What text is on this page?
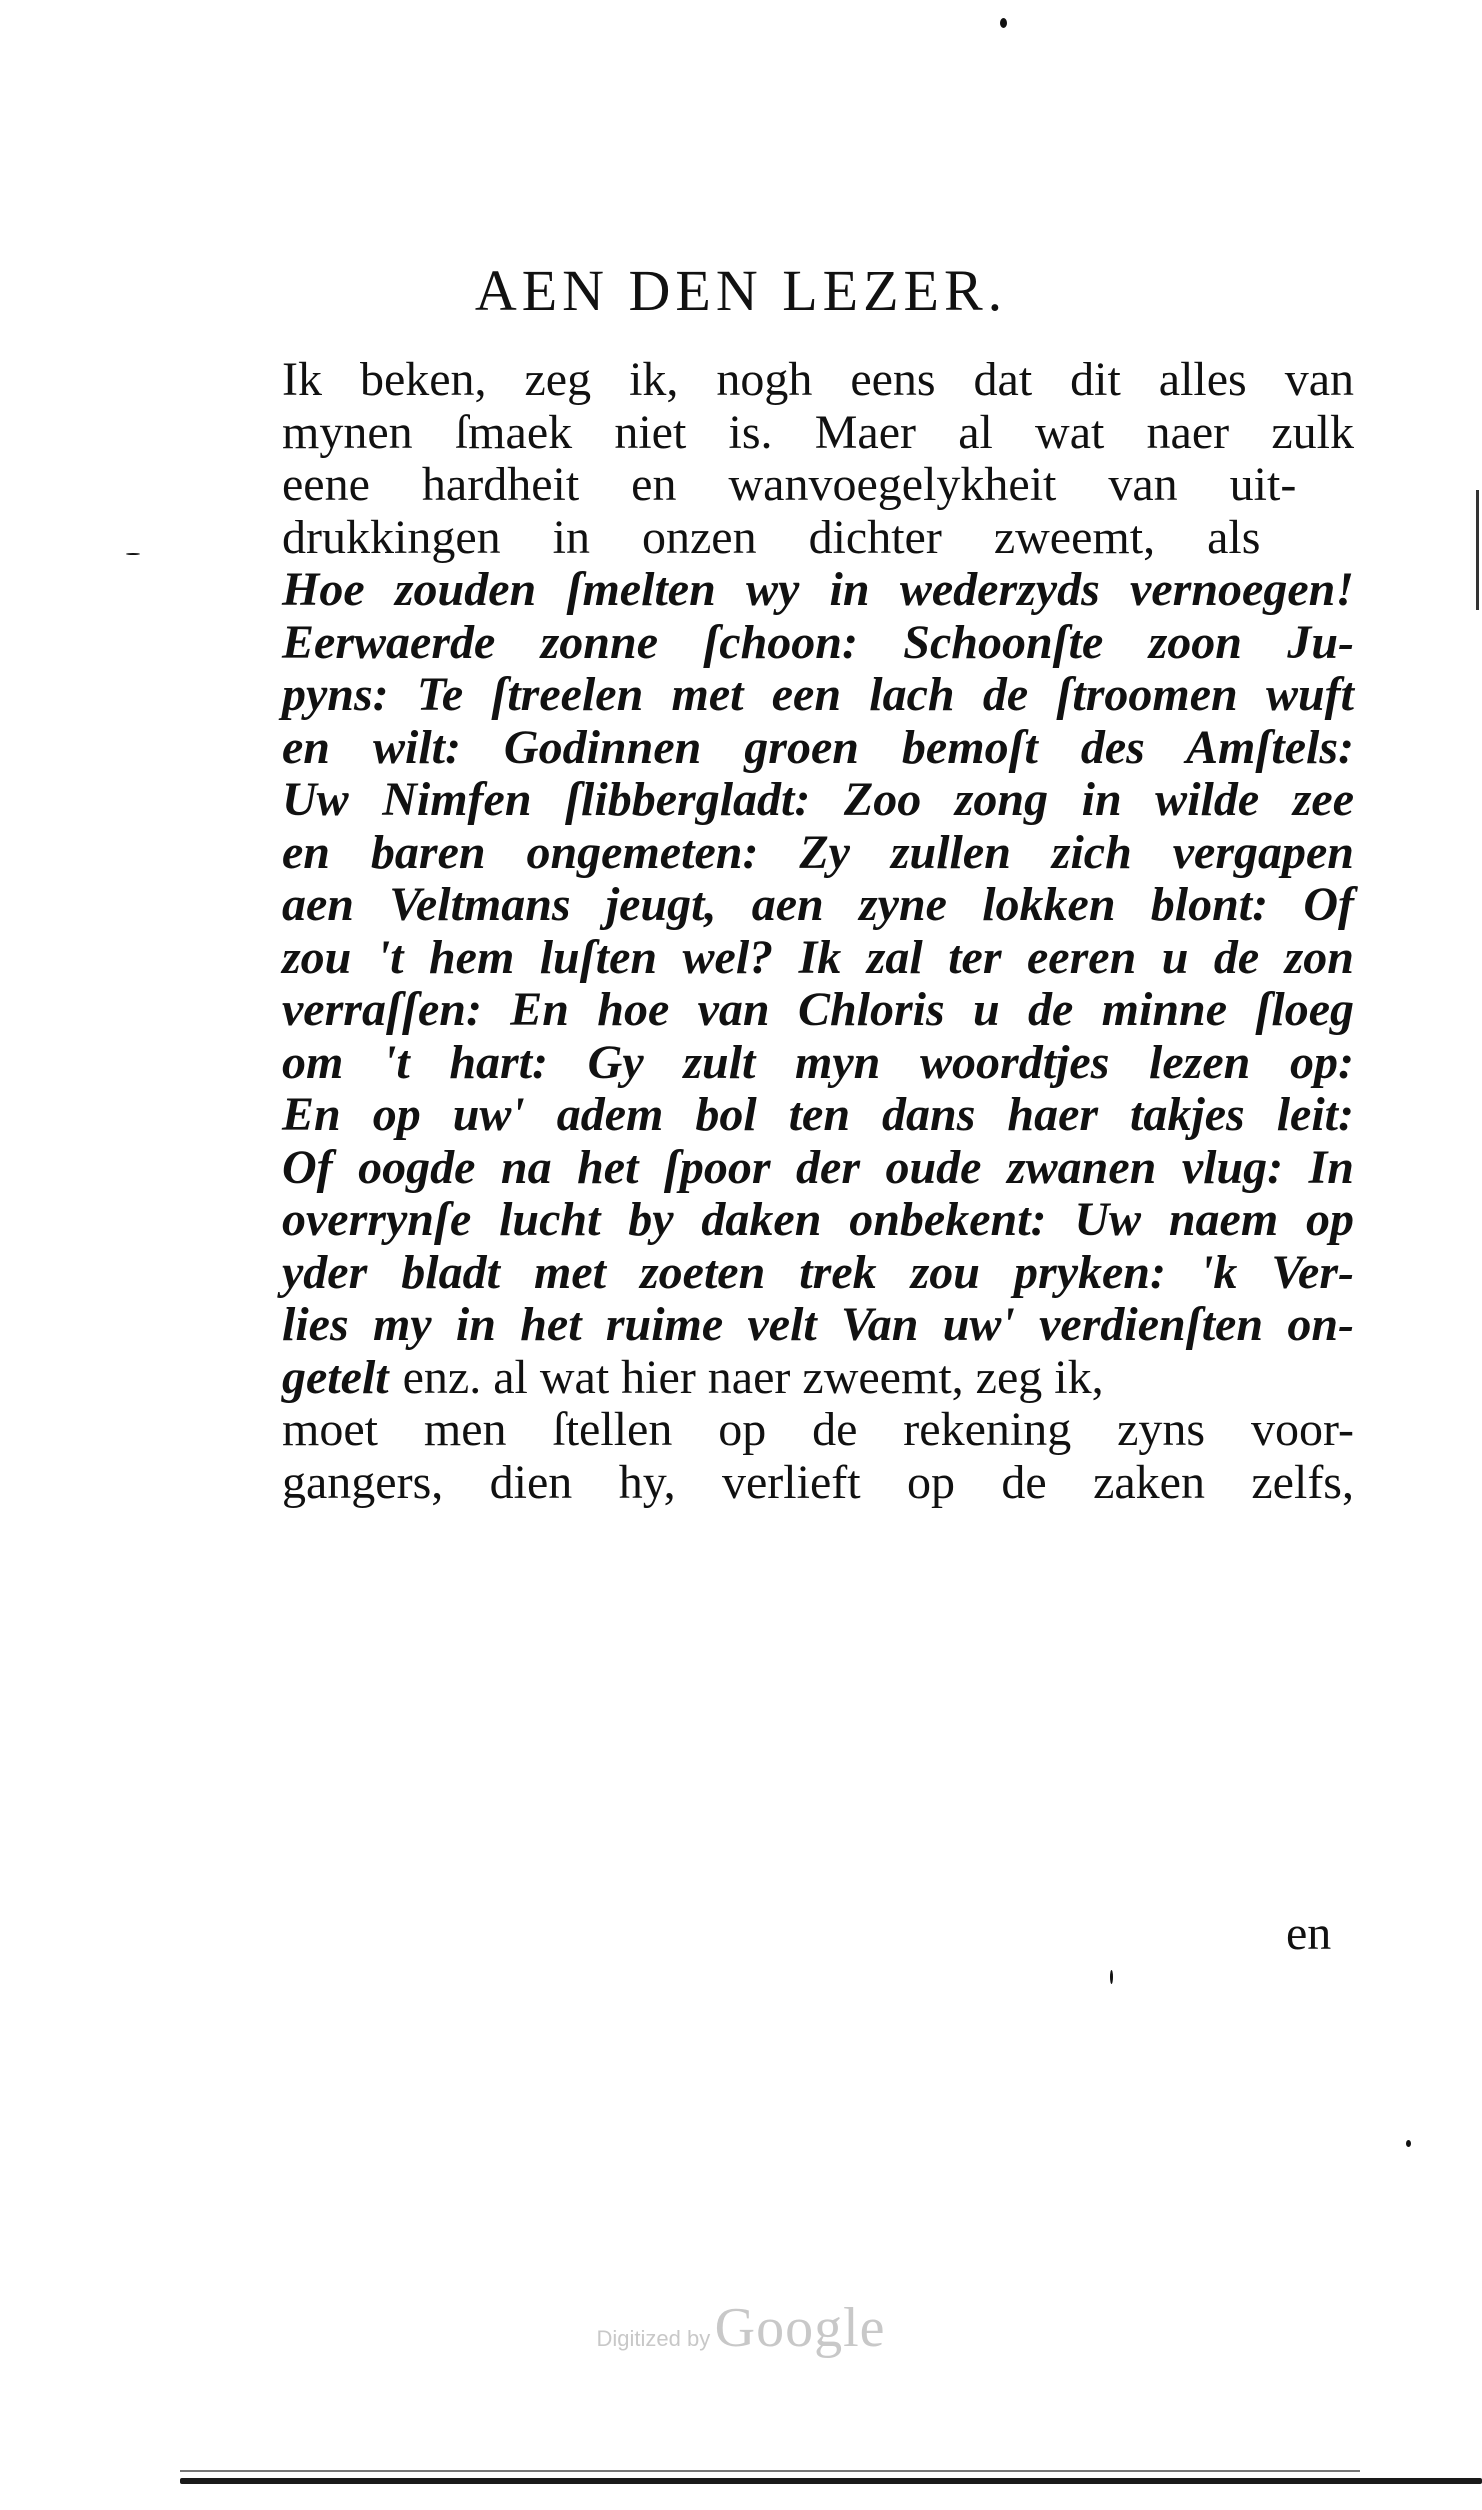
AEN DEN LEZER.
Ik beken, zeg ik, nogh eens dat dit alles van
mynen ſmaek niet is. Maer al wat naer zulk
eene hardheit en wanvoegelykheit van uit-
drukkingen in onzen dichter zweemt, als
Hoe zouden ſmelten wy in wederzyds vernoegen!
Eerwaerde zonne ſchoon: Schoonſte zoon Ju-
pyns: Te ſtreelen met een lach de ſtroomen wuft
en wilt: Godinnen groen bemoſt des Amſtels:
Uw Nimfen ſlibbergladt: Zoo zong in wilde zee
en baren ongemeten: Zy zullen zich vergapen
aen Veltmans jeugt, aen zyne lokken blont: Of
zou 't hem luſten wel? Ik zal ter eeren u de zon
verraſſen: En hoe van Chloris u de minne ſloeg
om 't hart: Gy zult myn woordtjes lezen op:
En op uw' adem bol ten dans haer takjes leit:
Of oogde na het ſpoor der oude zwanen vlug: In
overrynſe lucht by daken onbekent: Uw naem op
yder bladt met zoeten trek zou pryken: 'k Ver-
lies my in het ruime velt Van uw' verdienſten on-
getelt enz. al wat hier naer zweemt, zeg ik,
moet men ſtellen op de rekening zyns voor-
gangers, dien hy, verlieft op de zaken zelfs,
en
Digitized by Google
